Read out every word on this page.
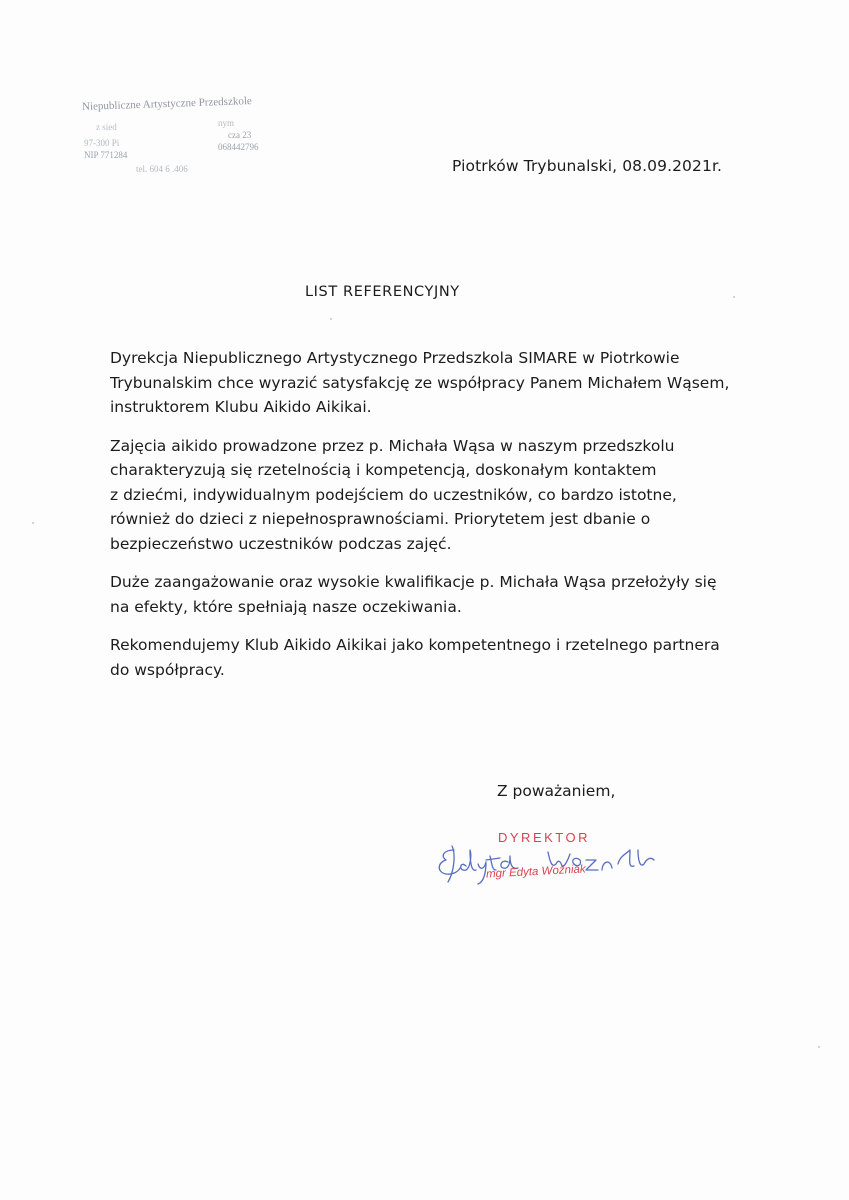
Niepubliczne Artystyczne Przedszkole
z sied	nym
cza 23
97-300 Pi	068442796
NIP 771284
tel. 604 6 .406	Piotrków Trybunalski, 08.09.2021r.
LIST REFERENCYJNY

Dyrekcja Niepublicznego Artystycznego Przedszkola SIMARE w Piotrkowie
Trybunalskim chce wyrazić satysfakcję ze współpracy Panem Michałem Wąsem,
instruktorem Klubu Aikido Aikikai.

Zajęcia aikido prowadzone przez p. Michała Wąsa w naszym przedszkolu
charakteryzują się rzetelnością i kompetencją, doskonałym kontaktem
z dziećmi, indywidualnym podejściem do uczestników, co bardzo istotne,
również do dzieci z niepełnosprawnościami. Priorytetem jest dbanie o
bezpieczeństwo uczestników podczas zajęć.

Duże zaangażowanie oraz wysokie kwalifikacje p. Michała Wąsa przełożyły się
na efekty, które spełniają nasze oczekiwania.

Rekomendujemy Klub Aikido Aikikai jako kompetentnego i rzetelnego partnera
do współpracy.

Z poważaniem,
DYREKTOR
mgr Edyta Woźniak
